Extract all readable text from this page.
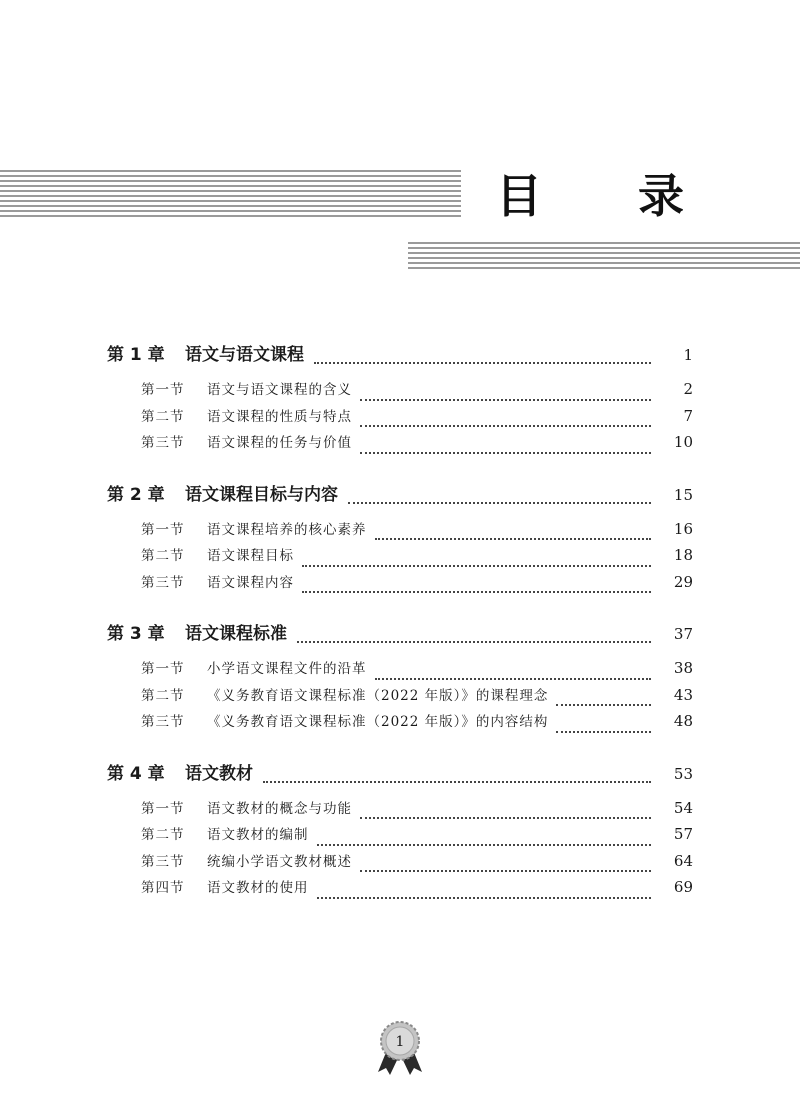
目 录
第 1 章	语文与语文课程	1
第一节	语文与语文课程的含义	2
第二节	语文课程的性质与特点	7
第三节	语文课程的任务与价值	10
第 2 章	语文课程目标与内容	15
第一节	语文课程培养的核心素养	16
第二节	语文课程目标	18
第三节	语文课程内容	29
第 3 章	语文课程标准	37
第一节	小学语文课程文件的沿革	38
第二节	《义务教育语文课程标准（2022 年版）》的课程理念	43
第三节	《义务教育语文课程标准（2022 年版）》的内容结构	48
第 4 章	语文教材	53
第一节	语文教材的概念与功能	54
第二节	语文教材的编制	57
第三节	统编小学语文教材概述	64
第四节	语文教材的使用	69
1
